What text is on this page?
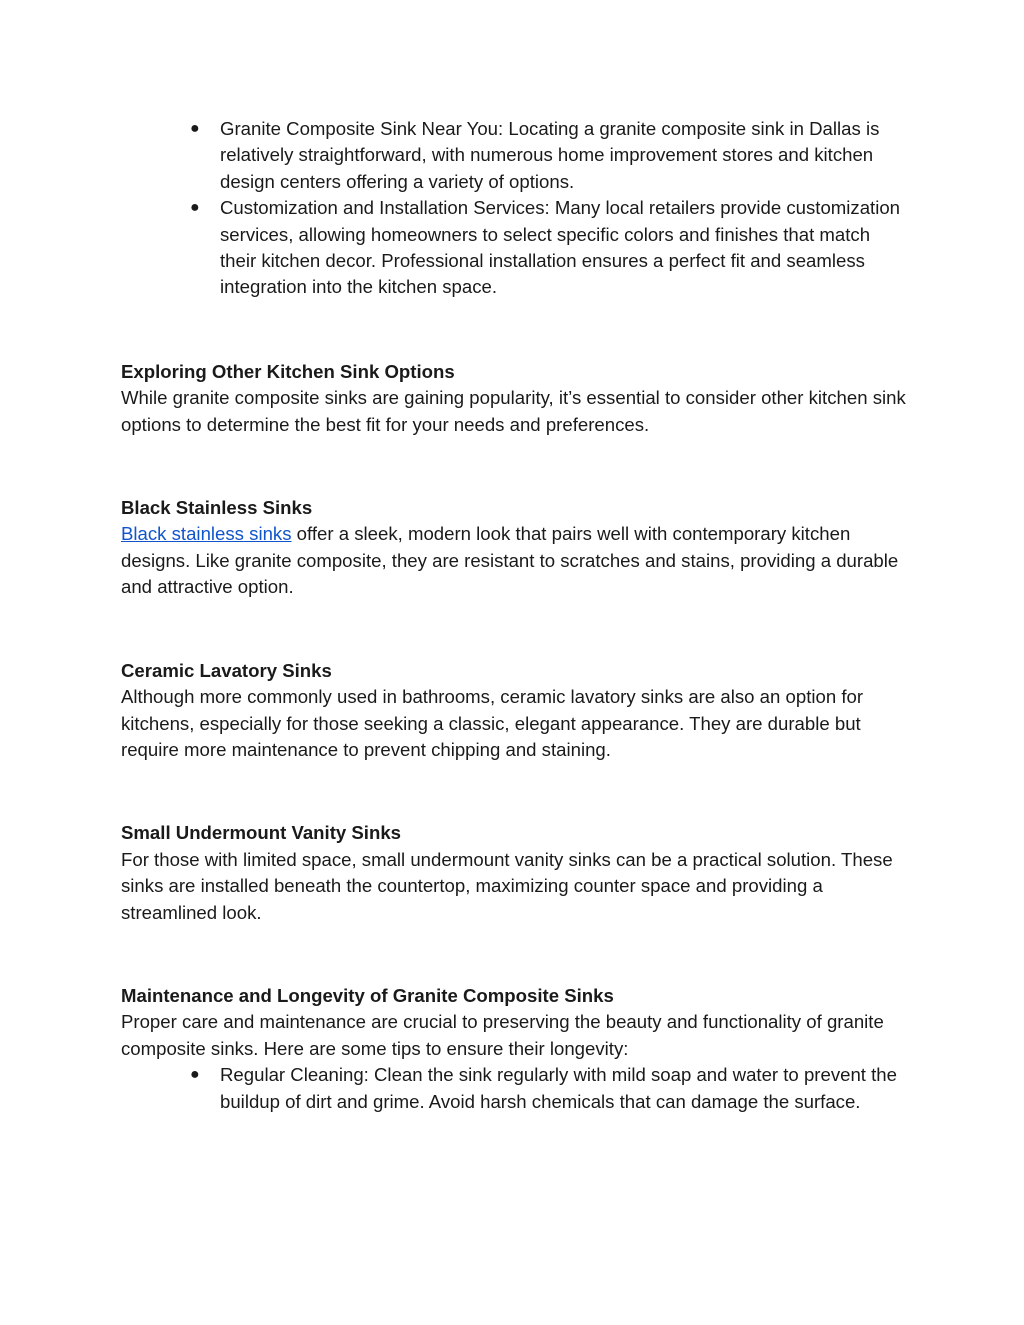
● Granite Composite Sink Near You: Locating a granite composite sink in Dallas is relatively straightforward, with numerous home improvement stores and kitchen design centers offering a variety of options.
● Customization and Installation Services: Many local retailers provide customization services, allowing homeowners to select specific colors and finishes that match their kitchen decor. Professional installation ensures a perfect fit and seamless integration into the kitchen space.

Exploring Other Kitchen Sink Options

While granite composite sinks are gaining popularity, it’s essential to consider other kitchen sink options to determine the best fit for your needs and preferences.

Black Stainless Sinks

Black stainless sinks offer a sleek, modern look that pairs well with contemporary kitchen designs. Like granite composite, they are resistant to scratches and stains, providing a durable and attractive option.

Ceramic Lavatory Sinks

Although more commonly used in bathrooms, ceramic lavatory sinks are also an option for kitchens, especially for those seeking a classic, elegant appearance. They are durable but require more maintenance to prevent chipping and staining.

Small Undermount Vanity Sinks

For those with limited space, small undermount vanity sinks can be a practical solution. These sinks are installed beneath the countertop, maximizing counter space and providing a streamlined look.

Maintenance and Longevity of Granite Composite Sinks

Proper care and maintenance are crucial to preserving the beauty and functionality of granite composite sinks. Here are some tips to ensure their longevity:

● Regular Cleaning: Clean the sink regularly with mild soap and water to prevent the buildup of dirt and grime. Avoid harsh chemicals that can damage the surface.
